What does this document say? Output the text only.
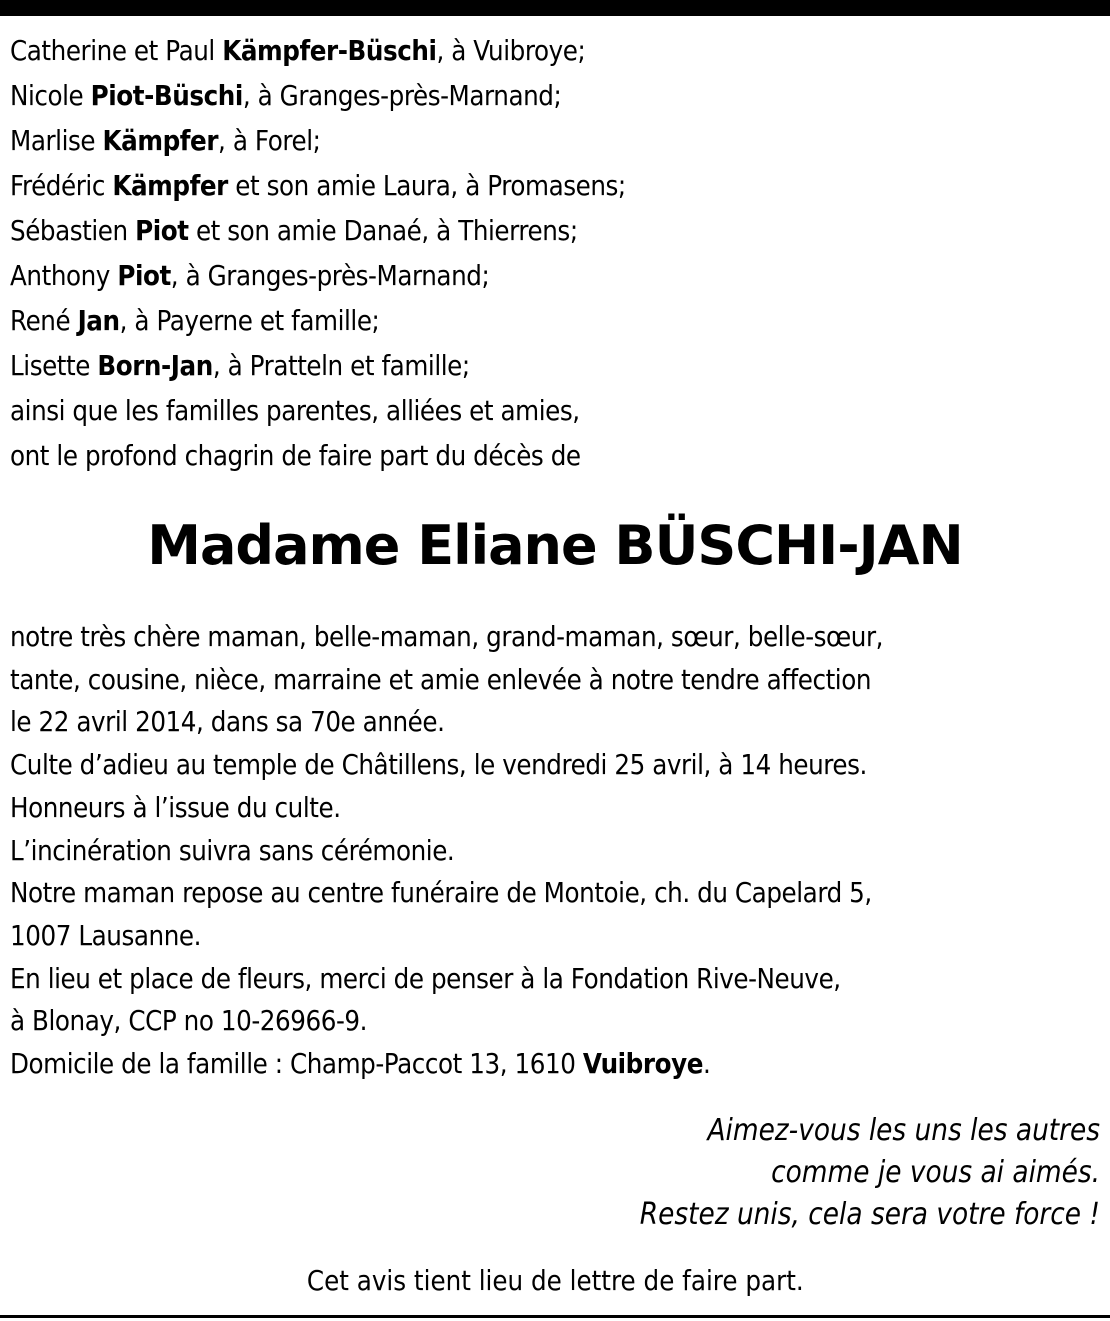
Catherine et Paul Kämpfer-Büschi, à Vuibroye;
Nicole Piot-Büschi, à Granges-près-Marnand;
Marlise Kämpfer, à Forel;
Frédéric Kämpfer et son amie Laura, à Promasens;
Sébastien Piot et son amie Danaé, à Thierrens;
Anthony Piot, à Granges-près-Marnand;
René Jan, à Payerne et famille;
Lisette Born-Jan, à Pratteln et famille;
ainsi que les familles parentes, alliées et amies,
ont le profond chagrin de faire part du décès de
Madame Eliane BÜSCHI-JAN
notre très chère maman, belle-maman, grand-maman, sœur, belle-sœur,
tante, cousine, nièce, marraine et amie enlevée à notre tendre affection
le 22 avril 2014, dans sa 70e année.
Culte d’adieu au temple de Châtillens, le vendredi 25 avril, à 14 heures.
Honneurs à l’issue du culte.
L’incinération suivra sans cérémonie.
Notre maman repose au centre funéraire de Montoie, ch. du Capelard 5,
1007 Lausanne.
En lieu et place de fleurs, merci de penser à la Fondation Rive-Neuve,
à Blonay, CCP no 10-26966-9.
Domicile de la famille : Champ-Paccot 13, 1610 Vuibroye.
Aimez-vous les uns les autres
comme je vous ai aimés.
Restez unis, cela sera votre force !
Cet avis tient lieu de lettre de faire part.
